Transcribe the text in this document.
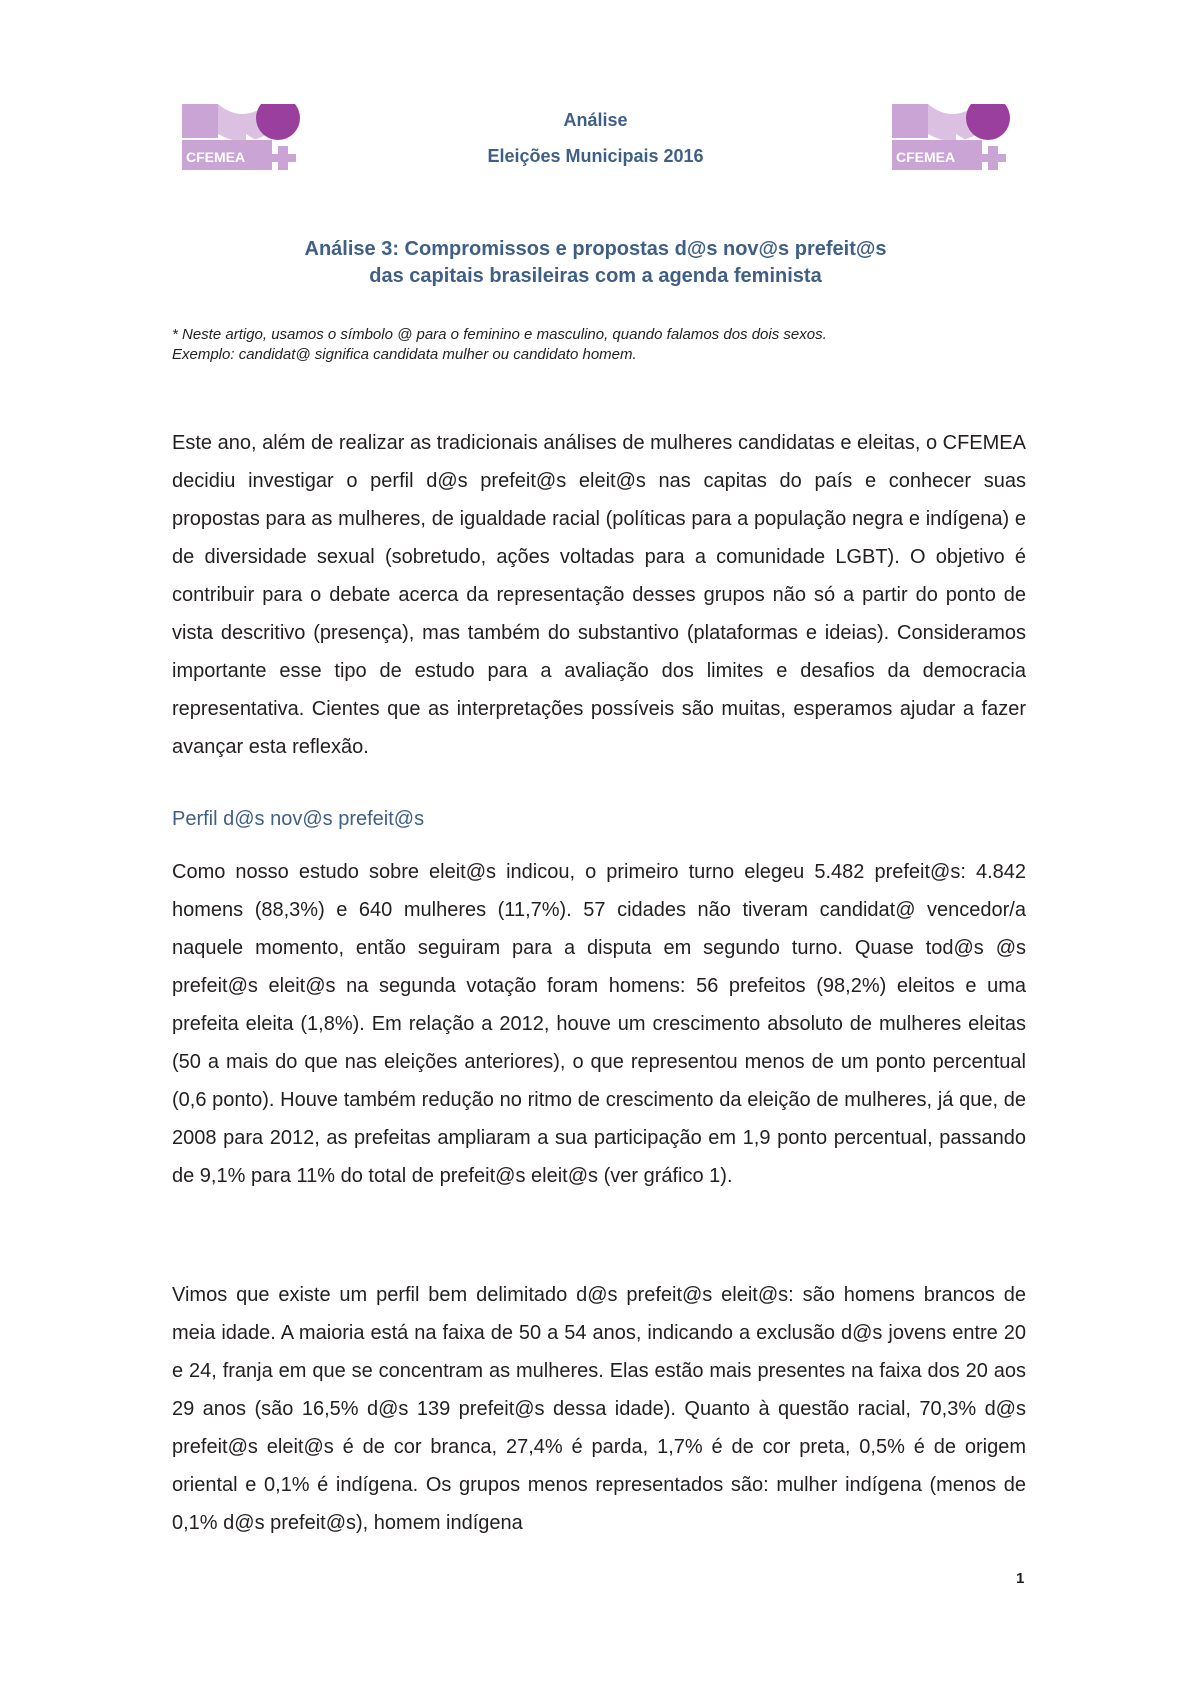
CFEMEA	CFEMEA
Análise
Eleições Municipais 2016
Análise 3: Compromissos e propostas d@s nov@s prefeit@s
das capitais brasileiras com a agenda feminista
* Neste artigo, usamos o símbolo @ para o feminino e masculino, quando falamos dos dois sexos.
Exemplo: candidat@ significa candidata mulher ou candidato homem.

Este ano, além de realizar as tradicionais análises de mulheres candidatas e eleitas, o CFEMEA decidiu investigar o perfil d@s prefeit@s eleit@s nas capitas do país e conhecer suas propostas para as mulheres, de igualdade racial (políticas para a população negra e indígena) e de diversidade sexual (sobretudo, ações voltadas para a comunidade LGBT). O objetivo é contribuir para o debate acerca da representação desses grupos não só a partir do ponto de vista descritivo (presença), mas também do substantivo (plataformas e ideias). Consideramos importante esse tipo de estudo para a avaliação dos limites e desafios da democracia representativa. Cientes que as interpretações possíveis são muitas, esperamos ajudar a fazer avançar esta reflexão.

Perfil d@s nov@s prefeit@s

Como nosso estudo sobre eleit@s indicou, o primeiro turno elegeu 5.482 prefeit@s: 4.842 homens (88,3%) e 640 mulheres (11,7%). 57 cidades não tiveram candidat@ vencedor/a naquele momento, então seguiram para a disputa em segundo turno. Quase tod@s @s prefeit@s eleit@s na segunda votação foram homens: 56 prefeitos (98,2%) eleitos e uma prefeita eleita (1,8%). Em relação a 2012, houve um crescimento absoluto de mulheres eleitas (50 a mais do que nas eleições anteriores), o que representou menos de um ponto percentual (0,6 ponto). Houve também redução no ritmo de crescimento da eleição de mulheres, já que, de 2008 para 2012, as prefeitas ampliaram a sua participação em 1,9 ponto percentual, passando de 9,1% para 11% do total de prefeit@s eleit@s (ver gráfico 1).

Vimos que existe um perfil bem delimitado d@s prefeit@s eleit@s: são homens brancos de meia idade. A maioria está na faixa de 50 a 54 anos, indicando a exclusão d@s jovens entre 20 e 24, franja em que se concentram as mulheres. Elas estão mais presentes na faixa dos 20 aos 29 anos (são 16,5% d@s 139 prefeit@s dessa idade). Quanto à questão racial, 70,3% d@s prefeit@s eleit@s é de cor branca, 27,4% é parda, 1,7% é de cor preta, 0,5% é de origem oriental e 0,1% é indígena. Os grupos menos representados são: mulher indígena (menos de 0,1% d@s prefeit@s), homem indígena

1
